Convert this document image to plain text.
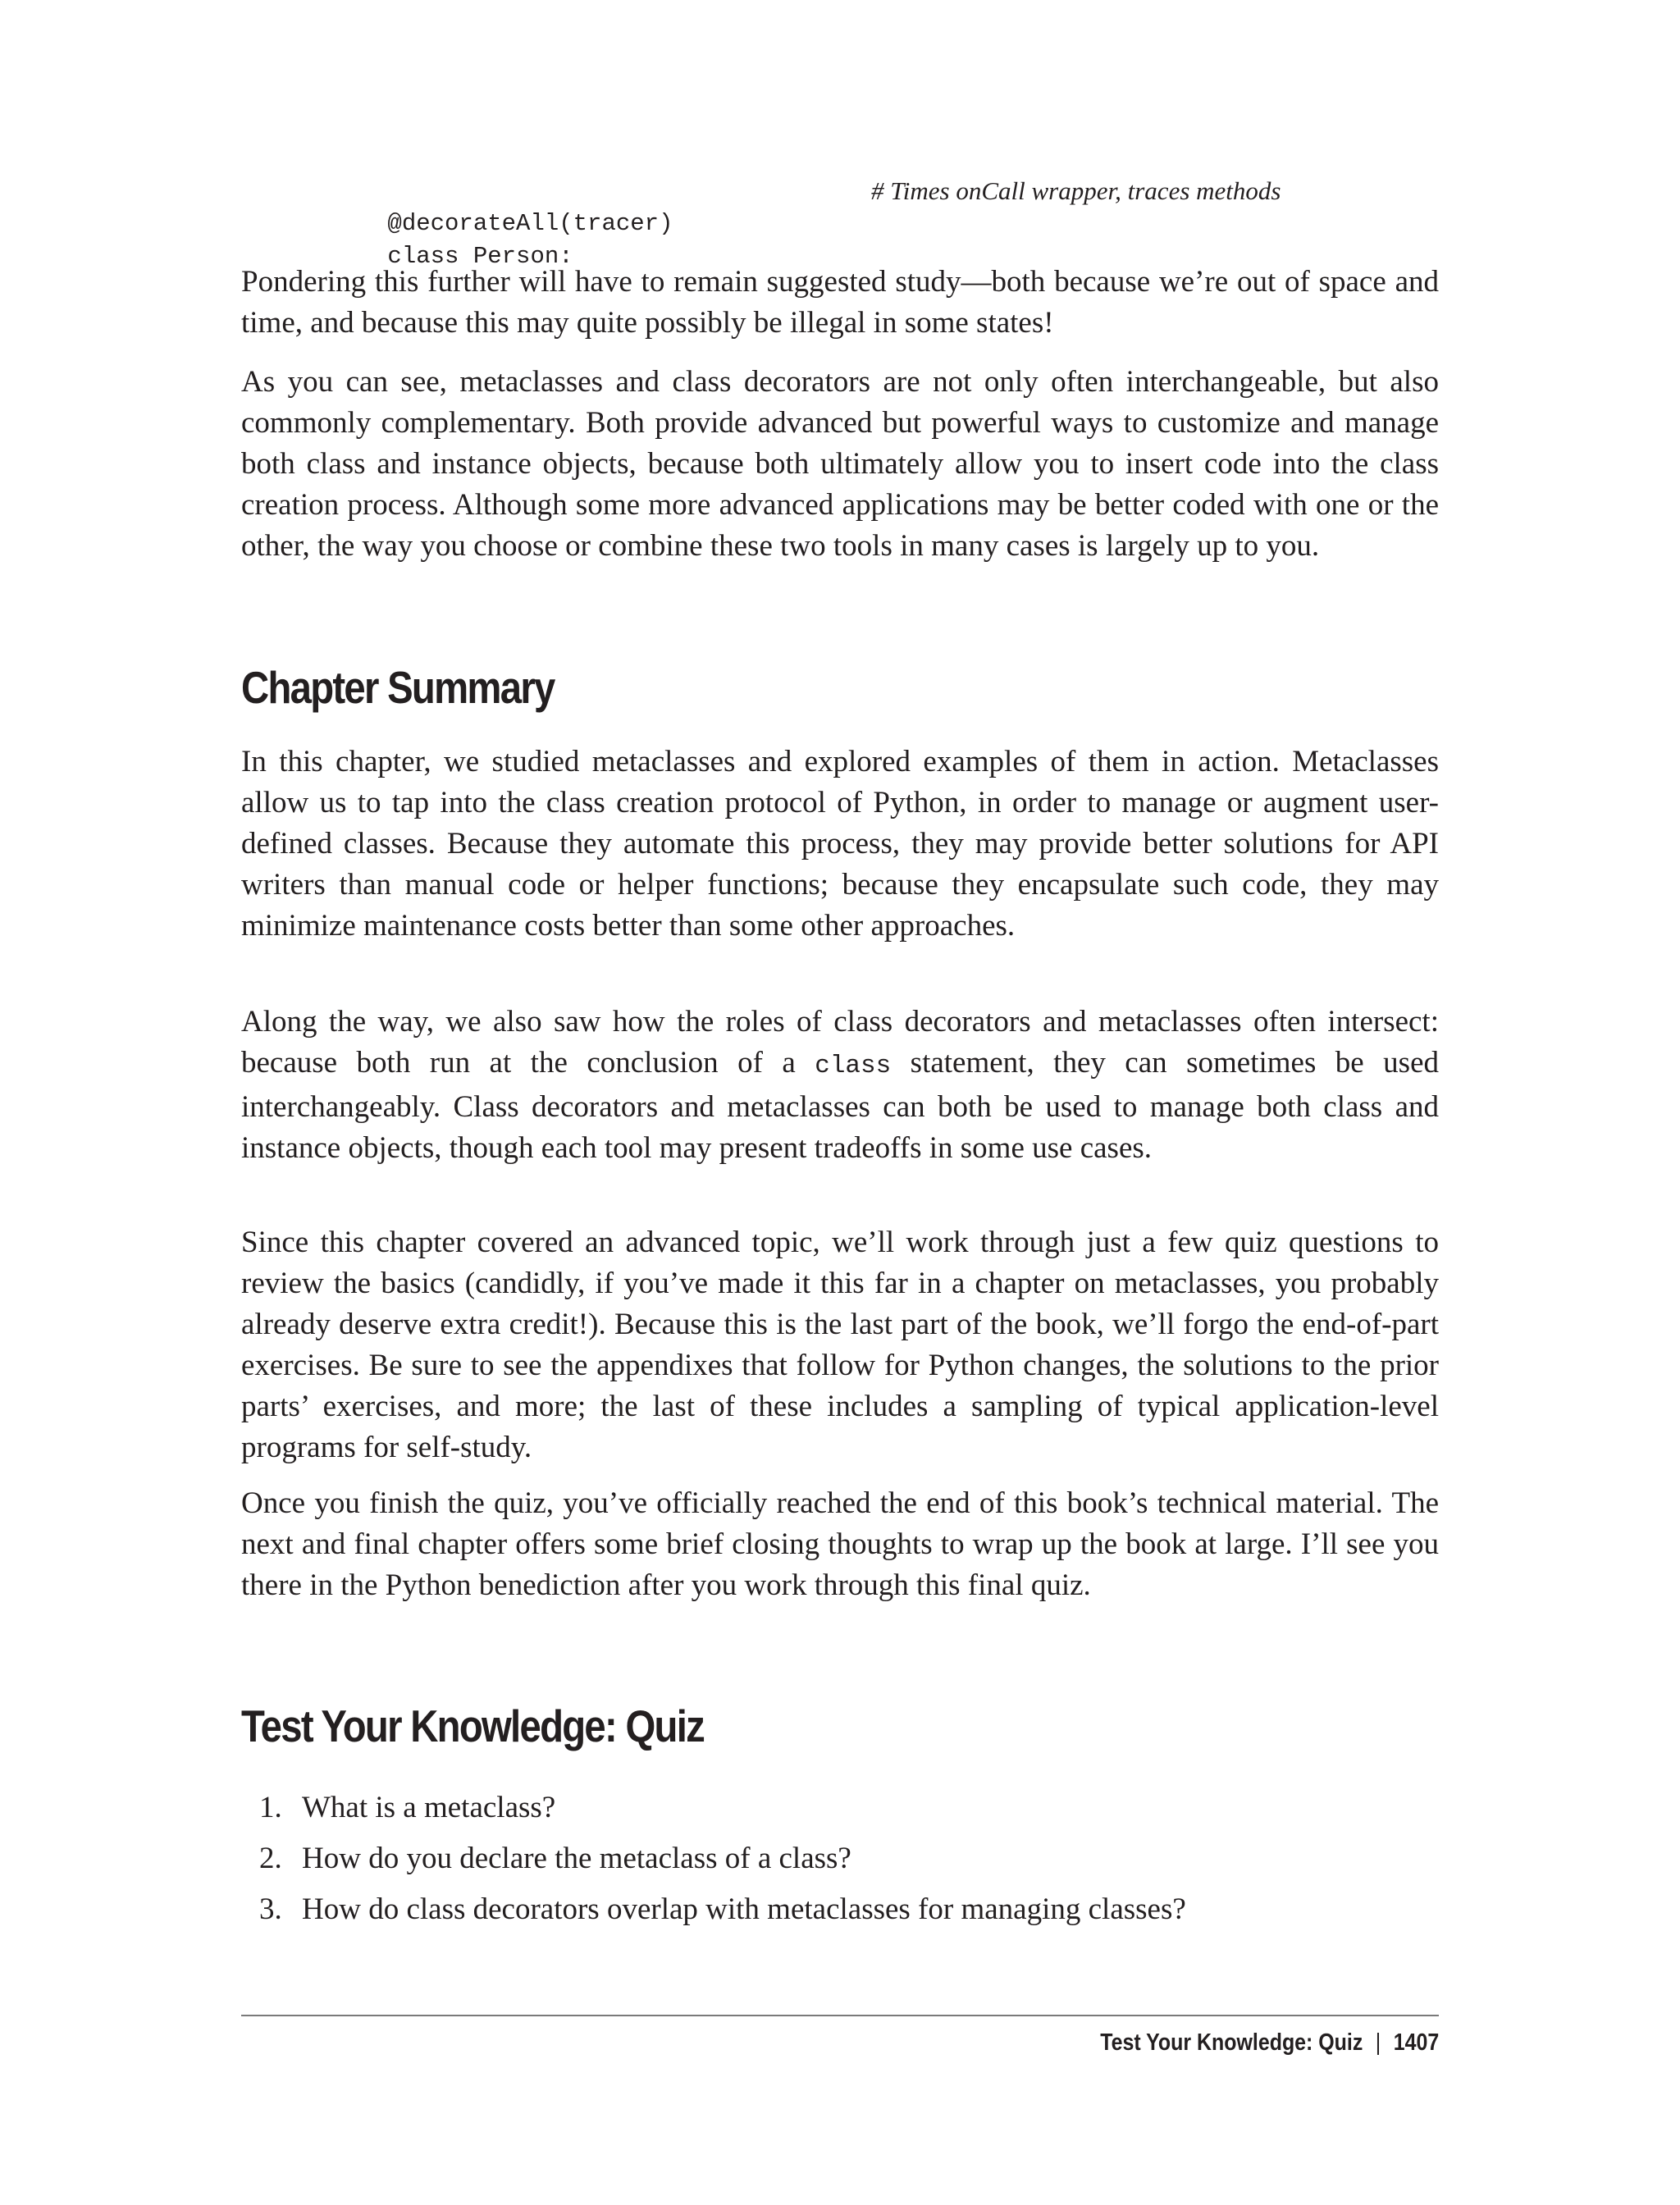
@decorateAll(tracer)

# Times onCall wrapper, traces methods

class Person:

Pondering this further will have to remain suggested study—both because we’re out of space and time, and because this may quite possibly be illegal in some states!

As you can see, metaclasses and class decorators are not only often interchangeable, but also commonly complementary. Both provide advanced but powerful ways to customize and manage both class and instance objects, because both ultimately allow you to insert code into the class creation process. Although some more advanced applications may be better coded with one or the other, the way you choose or combine these two tools in many cases is largely up to you.

Chapter Summary

In this chapter, we studied metaclasses and explored examples of them in action. Metaclasses allow us to tap into the class creation protocol of Python, in order to manage or augment user-defined classes. Because they automate this process, they may provide better solutions for API writers than manual code or helper functions; because they encapsulate such code, they may minimize maintenance costs better than some other approaches.

Along the way, we also saw how the roles of class decorators and metaclasses often intersect: because both run at the conclusion of a class statement, they can sometimes be used interchangeably. Class decorators and metaclasses can both be used to manage both class and instance objects, though each tool may present tradeoffs in some use cases.

Since this chapter covered an advanced topic, we’ll work through just a few quiz questions to review the basics (candidly, if you’ve made it this far in a chapter on metaclasses, you probably already deserve extra credit!). Because this is the last part of the book, we’ll forgo the end-of-part exercises. Be sure to see the appendixes that follow for Python changes, the solutions to the prior parts’ exercises, and more; the last of these includes a sampling of typical application-level programs for self-study.

Once you finish the quiz, you’ve officially reached the end of this book’s technical material. The next and final chapter offers some brief closing thoughts to wrap up the book at large. I’ll see you there in the Python benediction after you work through this final quiz.

Test Your Knowledge: Quiz
1. What is a metaclass?
2. How do you declare the metaclass of a class?
3. How do class decorators overlap with metaclasses for managing classes?
Test Your Knowledge: Quiz | 1407
